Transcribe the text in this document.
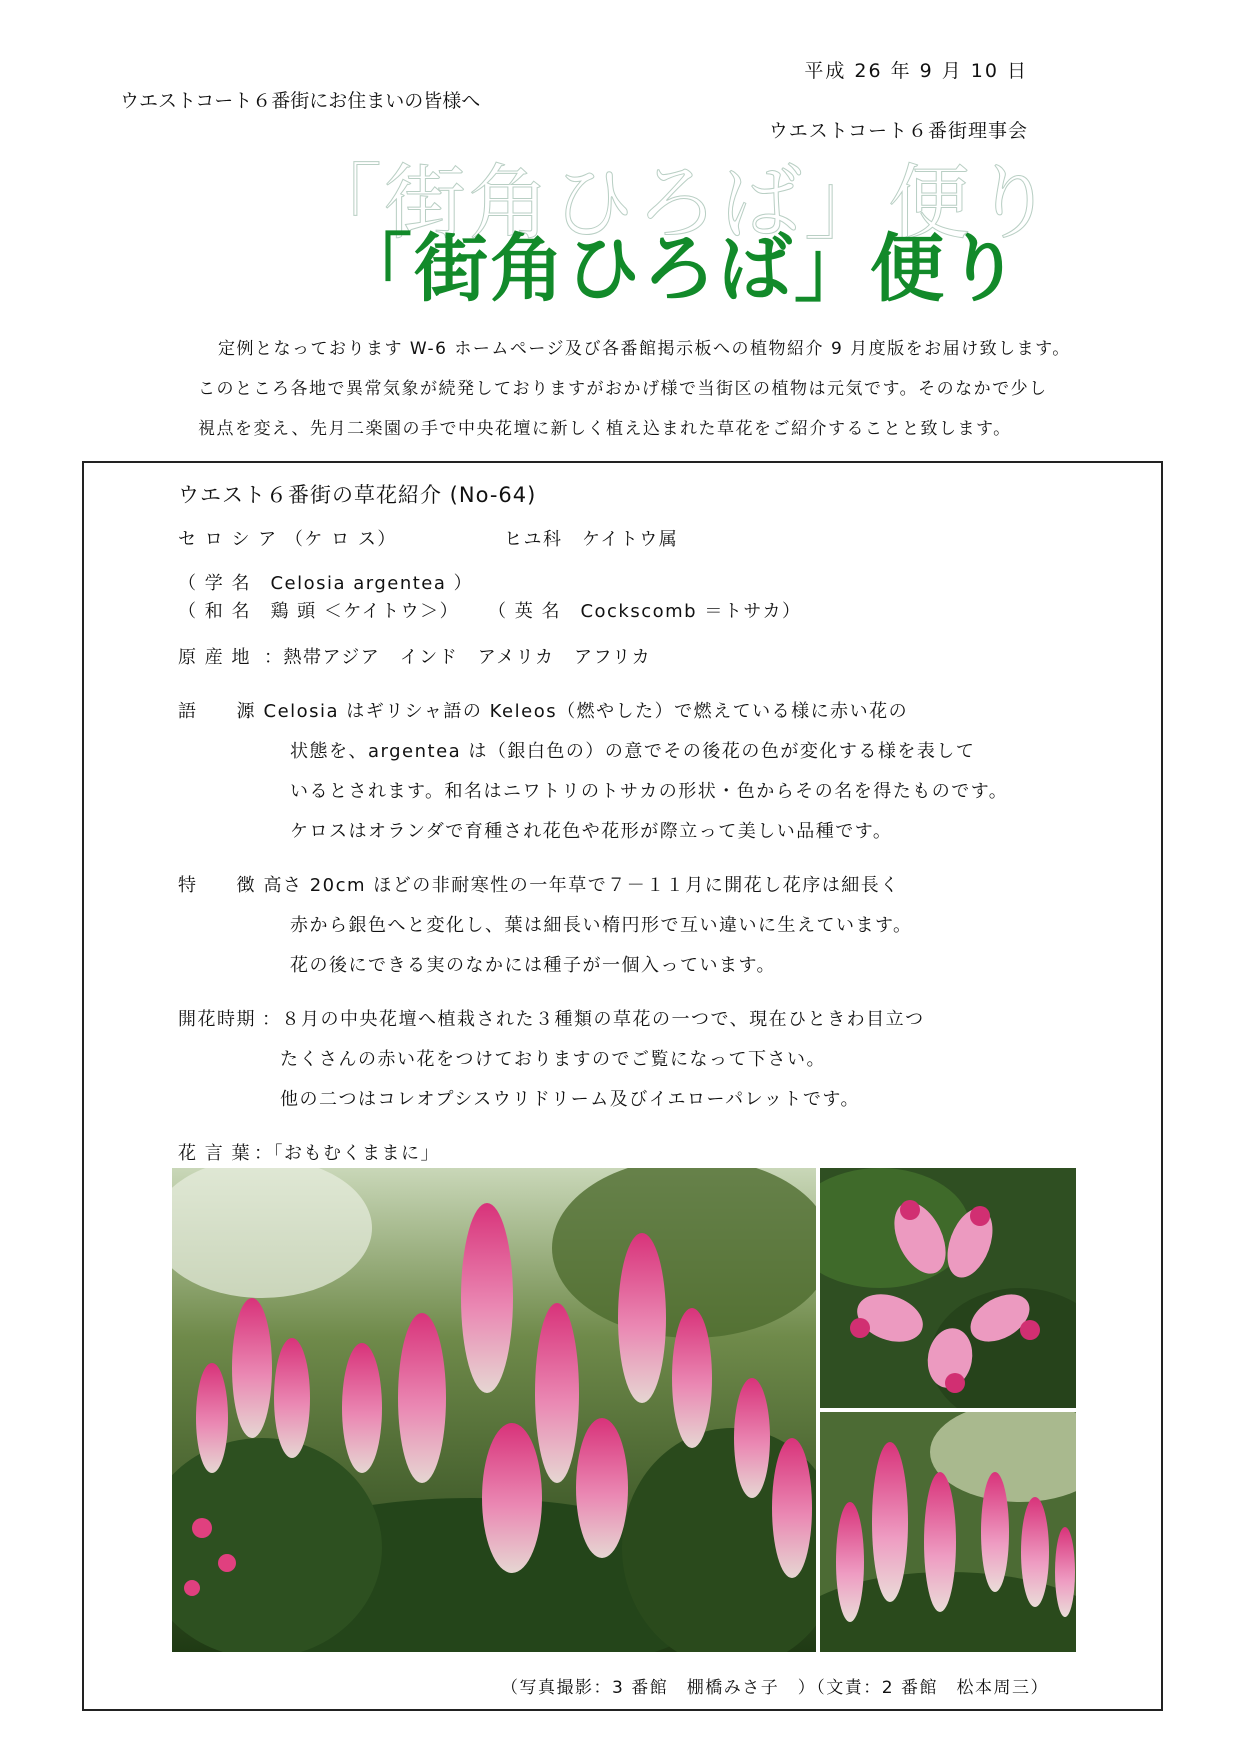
平成 26 年 9 月 10 日
ウエストコート６番街にお住まいの皆様へ
ウエストコート６番街理事会
「街角ひろば」便り
「街角ひろば」便り
定例となっております W-6 ホームページ及び各番館掲示板への植物紹介 9 月度版をお届け致します。
このところ各地で異常気象が続発しておりますがおかげ様で当街区の植物は元気です。そのなかで少し
視点を変え、先月二楽園の手で中央花壇に新しく植え込まれた草花をご紹介することと致します。
ウエスト６番街の草花紹介 (No-64)
セ ロ シ ア （ケ ロ ス）	ヒユ科　ケイトウ属
（ 学 名　Celosia argentea ）
（ 和 名　鶏 頭 ＜ケイトウ＞） （ 英 名　Cockscomb ＝トサカ）
原 産 地 ：熱帯アジア　インド　アメリカ　アフリカ
語　　源
：Celosia はギリシャ語の Keleos（燃やした）で燃えている様に赤い花の
状態を、argentea は（銀白色の）の意でその後花の色が変化する様を表して
いるとされます。和名はニワトリのトサカの形状・色からその名を得たものです。
ケロスはオランダで育種され花色や花形が際立って美しい品種です。
特　　徴
：高さ 20cm ほどの非耐寒性の一年草で７－１１月に開花し花序は細長く
赤から銀色へと変化し、葉は細長い楕円形で互い違いに生えています。
花の後にできる実のなかには種子が一個入っています。
開花時期 ：８月の中央花壇へ植栽された３種類の草花の一つで、現在ひときわ目立つ
たくさんの赤い花をつけておりますのでご覧になって下さい。
他の二つはコレオプシスウリドリーム及びイエローパレットです。
花 言 葉 ：「おもむくままに」
（写真撮影：3 番館　棚橋みさ子　）（文責：2 番館　松本周三）
